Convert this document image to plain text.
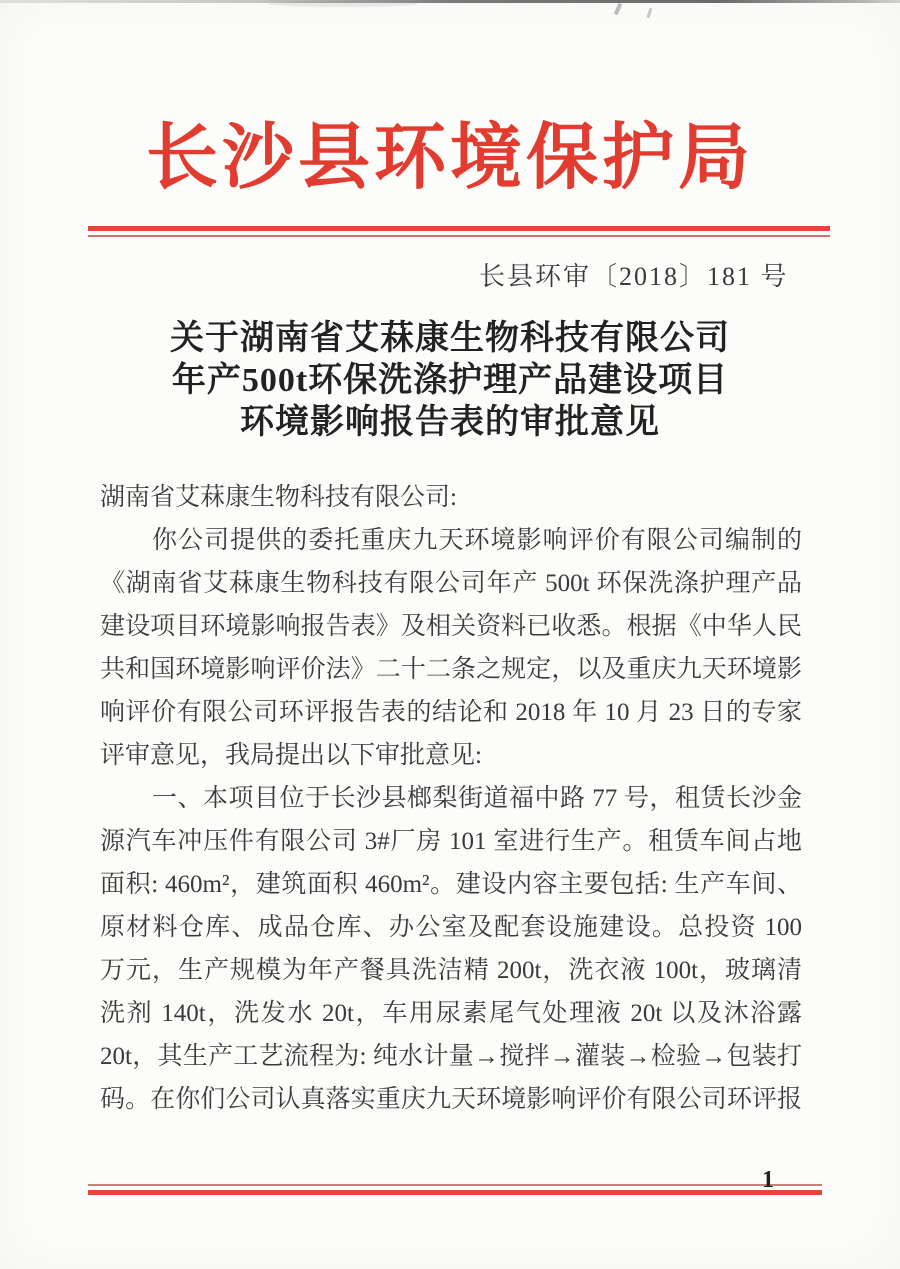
长沙县环境保护局
长县环审〔2018〕181 号
关于湖南省艾菻康生物科技有限公司
年产500t环保洗涤护理产品建设项目
环境影响报告表的审批意见
湖南省艾菻康生物科技有限公司:
你公司提供的委托重庆九天环境影响评价有限公司编制的
《湖南省艾菻康生物科技有限公司年产 500t 环保洗涤护理产品
建设项目环境影响报告表》及相关资料已收悉。根据《中华人民
共和国环境影响评价法》二十二条之规定，以及重庆九天环境影
响评价有限公司环评报告表的结论和 2018 年 10 月 23 日的专家
评审意见，我局提出以下审批意见:
一、本项目位于长沙县榔梨街道福中路 77 号，租赁长沙金
源汽车冲压件有限公司 3#厂房 101 室进行生产。租赁车间占地
面积: 460m²，建筑面积 460m²。建设内容主要包括: 生产车间、
原材料仓库、成品仓库、办公室及配套设施建设。总投资 100
万元，生产规模为年产餐具洗洁精 200t，洗衣液 100t，玻璃清
洗剂 140t，洗发水 20t，车用尿素尾气处理液 20t 以及沐浴露
20t，其生产工艺流程为: 纯水计量→搅拌→灌装→检验→包装打
码。在你们公司认真落实重庆九天环境影响评价有限公司环评报
1
